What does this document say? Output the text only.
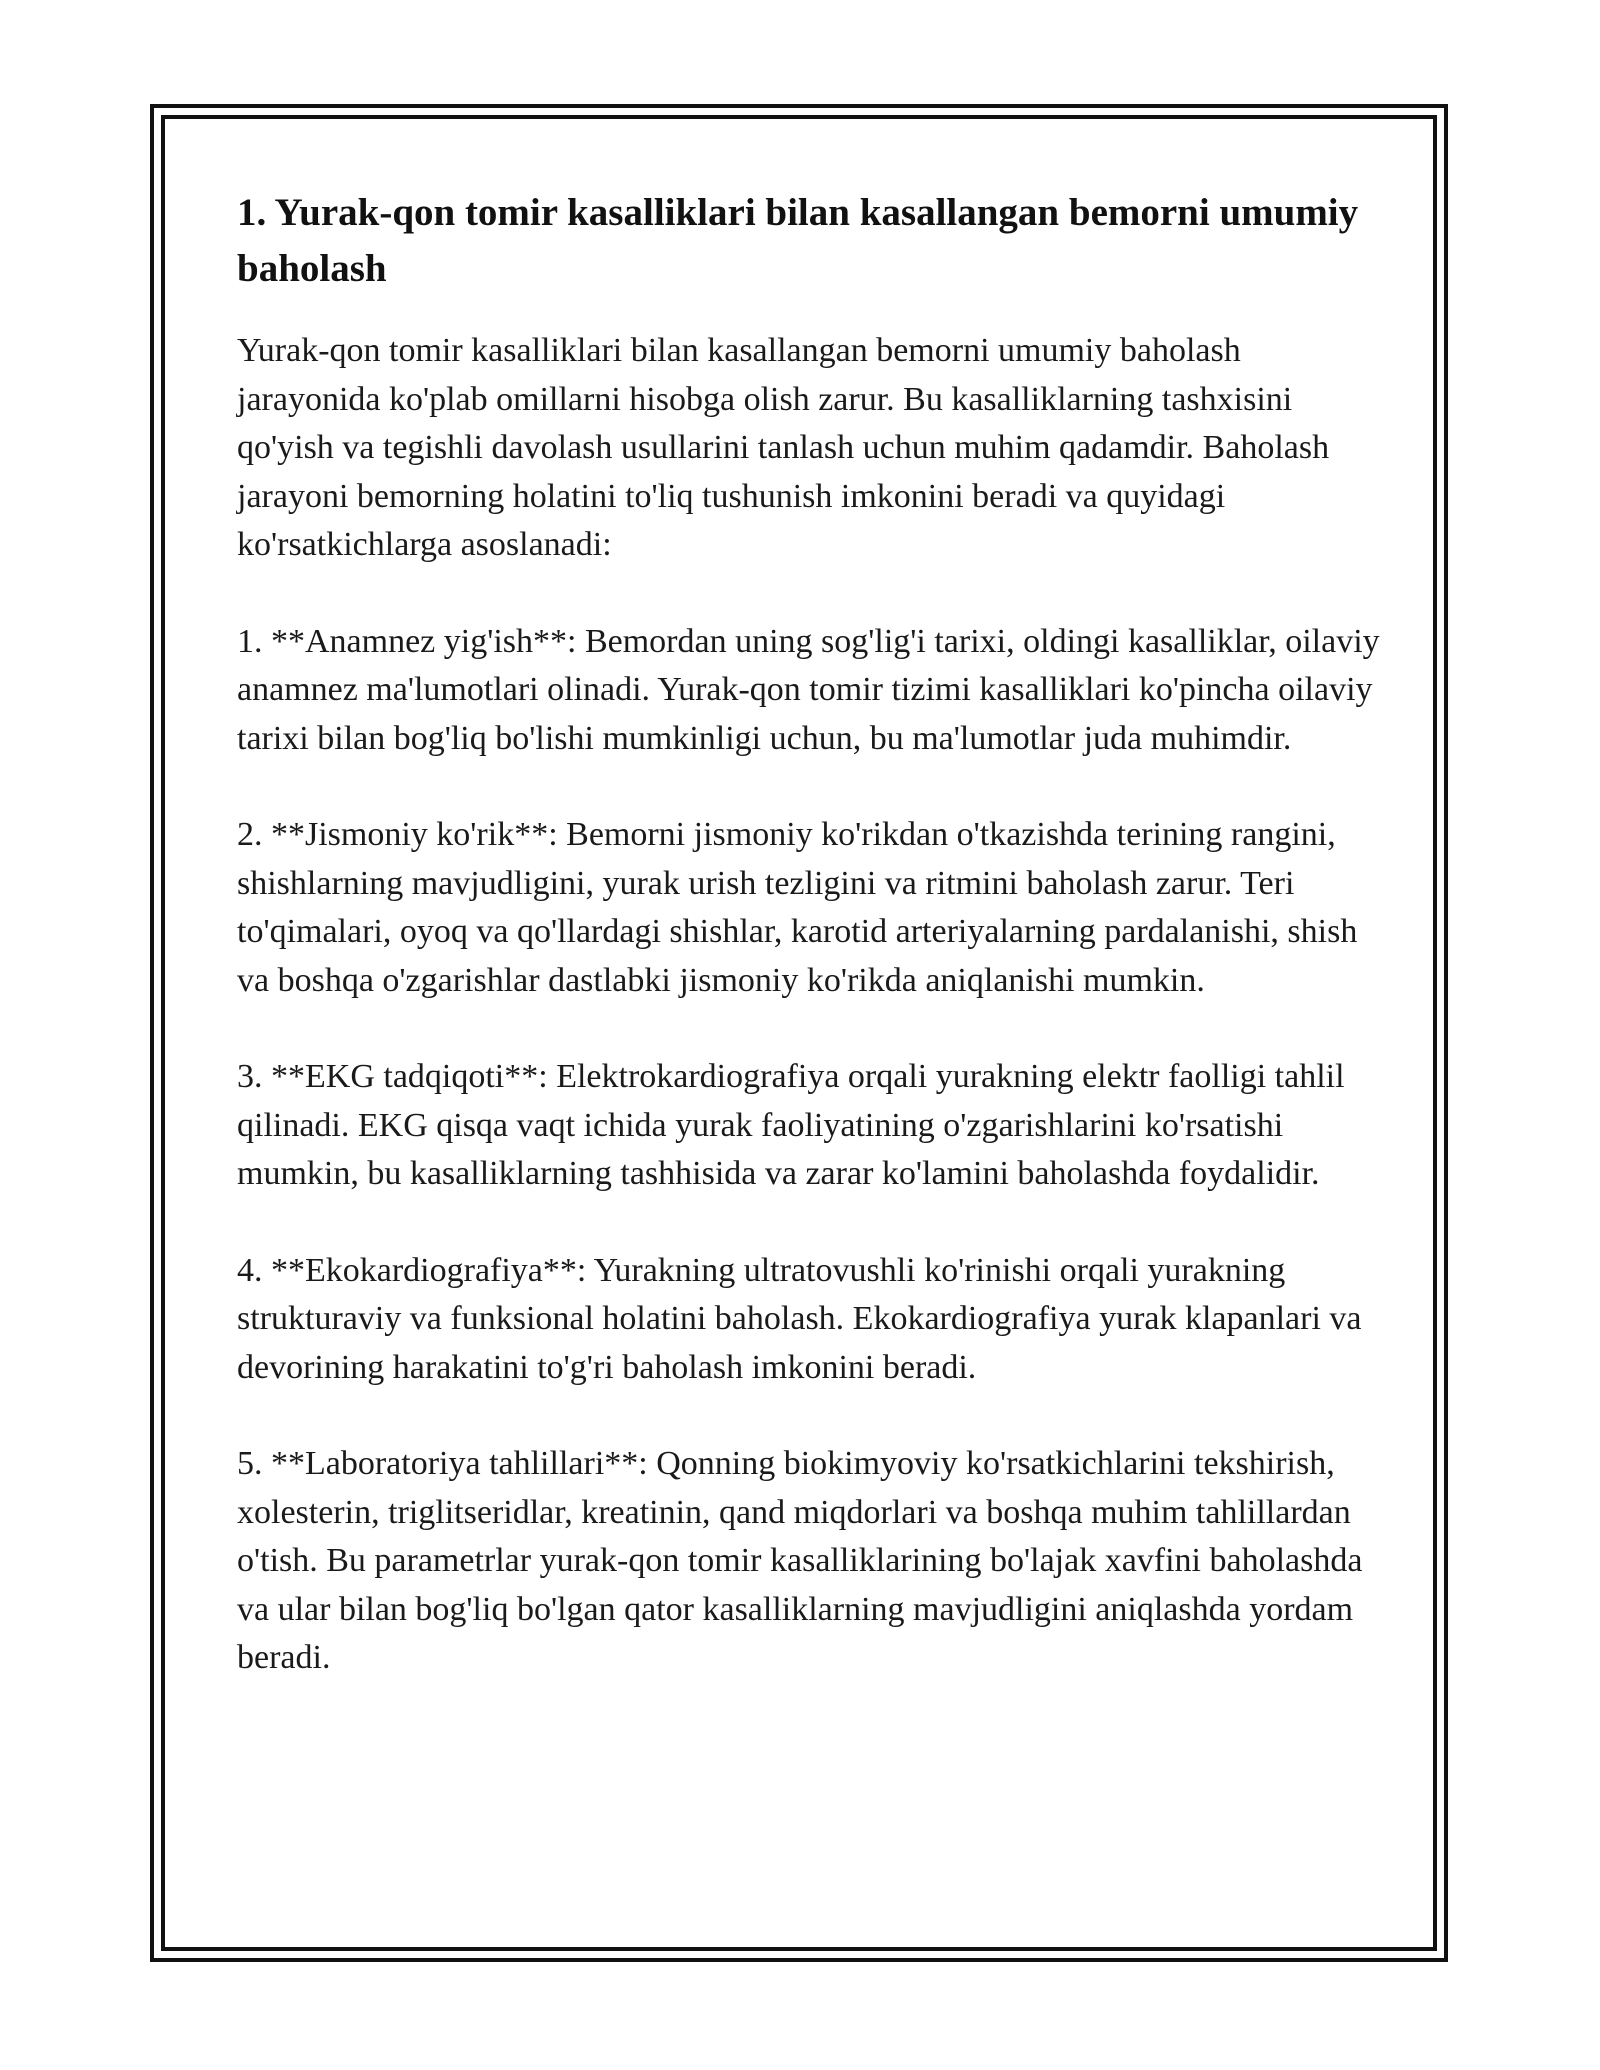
1. Yurak-qon tomir kasalliklari bilan kasallangan bemorni umumiy baholash

Yurak-qon tomir kasalliklari bilan kasallangan bemorni umumiy baholash jarayonida ko'plab omillarni hisobga olish zarur. Bu kasalliklarning tashxisini qo'yish va tegishli davolash usullarini tanlash uchun muhim qadamdir. Baholash jarayoni bemorning holatini to'liq tushunish imkonini beradi va quyidagi ko'rsatkichlarga asoslanadi:

1. **Anamnez yig'ish**: Bemordan uning sog'lig'i tarixi, oldingi kasalliklar, oilaviy anamnez ma'lumotlari olinadi. Yurak-qon tomir tizimi kasalliklari ko'pincha oilaviy tarixi bilan bog'liq bo'lishi mumkinligi uchun, bu ma'lumotlar juda muhimdir.

2. **Jismoniy ko'rik**: Bemorni jismoniy ko'rikdan o'tkazishda terining rangini, shishlarning mavjudligini, yurak urish tezligini va ritmini baholash zarur. Teri to'qimalari, oyoq va qo'llardagi shishlar, karotid arteriyalarning pardalanishi, shish va boshqa o'zgarishlar dastlabki jismoniy ko'rikda aniqlanishi mumkin.

3. **EKG tadqiqoti**: Elektrokardiografiya orqali yurakning elektr faolligi tahlil qilinadi. EKG qisqa vaqt ichida yurak faoliyatining o'zgarishlarini ko'rsatishi mumkin, bu kasalliklarning tashhisida va zarar ko'lamini baholashda foydalidir.

4. **Ekokardiografiya**: Yurakning ultratovushli ko'rinishi orqali yurakning strukturaviy va funksional holatini baholash. Ekokardiografiya yurak klapanlari va devorining harakatini to'g'ri baholash imkonini beradi.

5. **Laboratoriya tahlillari**: Qonning biokimyoviy ko'rsatkichlarini tekshirish, xolesterin, triglitseridlar, kreatinin, qand miqdorlari va boshqa muhim tahlillardan o'tish. Bu parametrlar yurak-qon tomir kasalliklarining bo'lajak xavfini baholashda va ular bilan bog'liq bo'lgan qator kasalliklarning mavjudligini aniqlashda yordam beradi.
